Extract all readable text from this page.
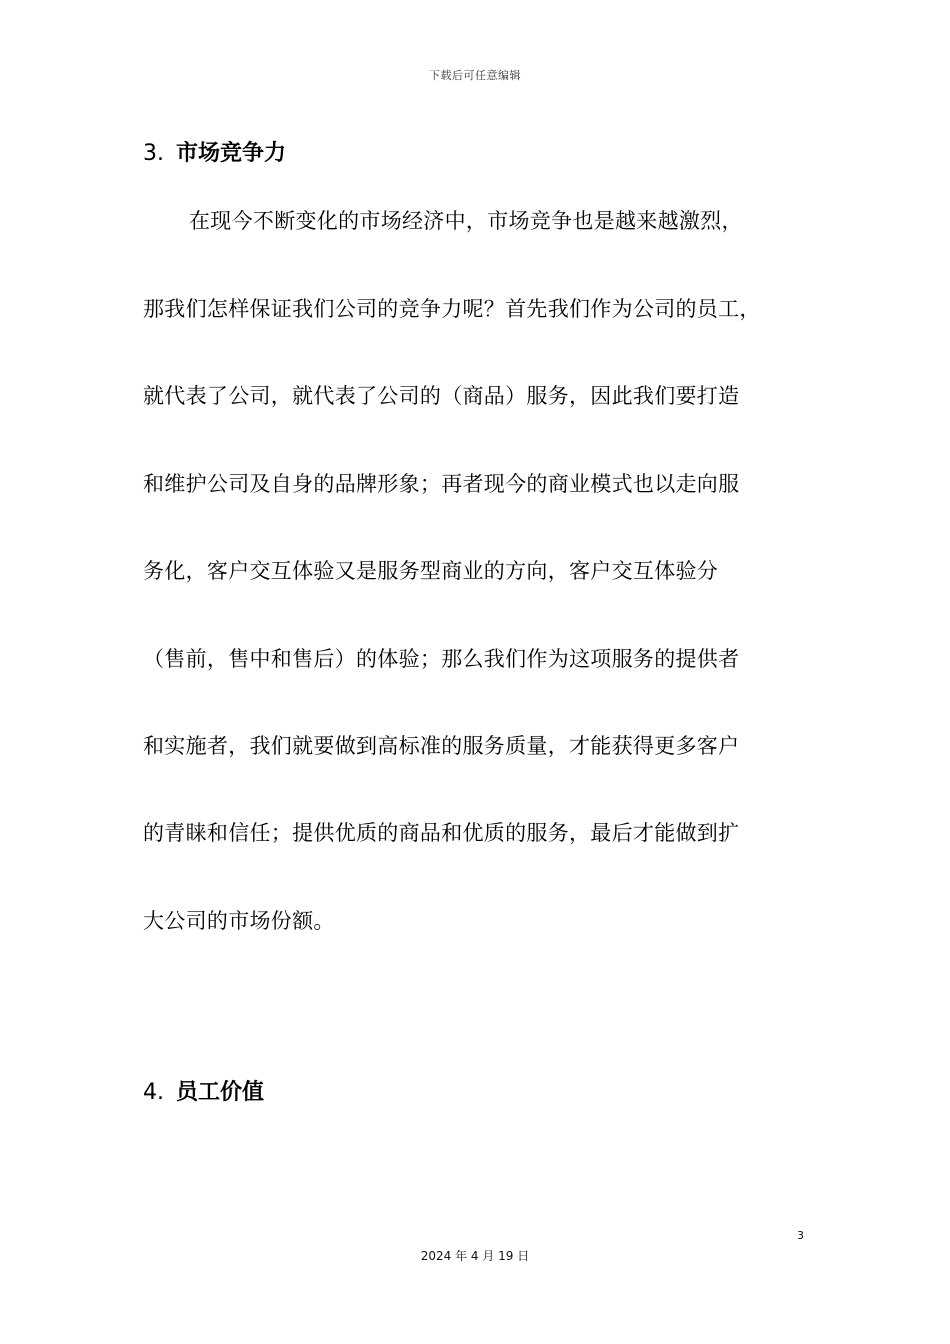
下载后可任意编辑
3. 市场竞争力
在现今不断变化的市场经济中，市场竞争也是越来越激烈，
那我们怎样保证我们公司的竞争力呢？首先我们作为公司的员工，
就代表了公司，就代表了公司的（商品）服务，因此我们要打造
和维护公司及自身的品牌形象；再者现今的商业模式也以走向服
务化，客户交互体验又是服务型商业的方向，客户交互体验分
（售前，售中和售后）的体验；那么我们作为这项服务的提供者
和实施者，我们就要做到高标准的服务质量，才能获得更多客户
的青睐和信任；提供优质的商品和优质的服务，最后才能做到扩
大公司的市场份额。
4. 员工价值
3
2024 年 4 月 19 日
